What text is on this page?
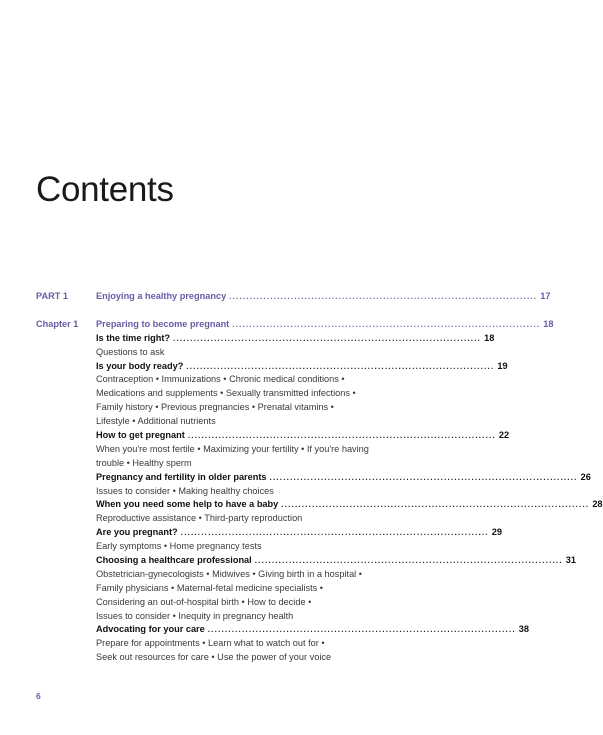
Contents
PART 1	Enjoying a healthy pregnancy .......................................................................................... 17
Chapter 1 Preparing to become pregnant .......................................................................................... 18
Is the time right? .......................................................................................... 18
Questions to ask
Is your body ready? .......................................................................................... 19
Contraception • Immunizations • Chronic medical conditions •
Medications and supplements • Sexually transmitted infections •
Family history • Previous pregnancies • Prenatal vitamins •
Lifestyle • Additional nutrients
How to get pregnant .......................................................................................... 22
When you're most fertile • Maximizing your fertility • If you're having
trouble • Healthy sperm
Pregnancy and fertility in older parents .......................................................................................... 26
Issues to consider • Making healthy choices
When you need some help to have a baby .......................................................................................... 28
Reproductive assistance • Third-party reproduction
Are you pregnant? .......................................................................................... 29
Early symptoms • Home pregnancy tests
Choosing a healthcare professional .......................................................................................... 31
Obstetrician-gynecologists • Midwives • Giving birth in a hospital •
Family physicians • Maternal-fetal medicine specialists •
Considering an out-of-hospital birth • How to decide •
Issues to consider • Inequity in pregnancy health
Advocating for your care .......................................................................................... 38
Prepare for appointments • Learn what to watch out for •
Seek out resources for care • Use the power of your voice

6
